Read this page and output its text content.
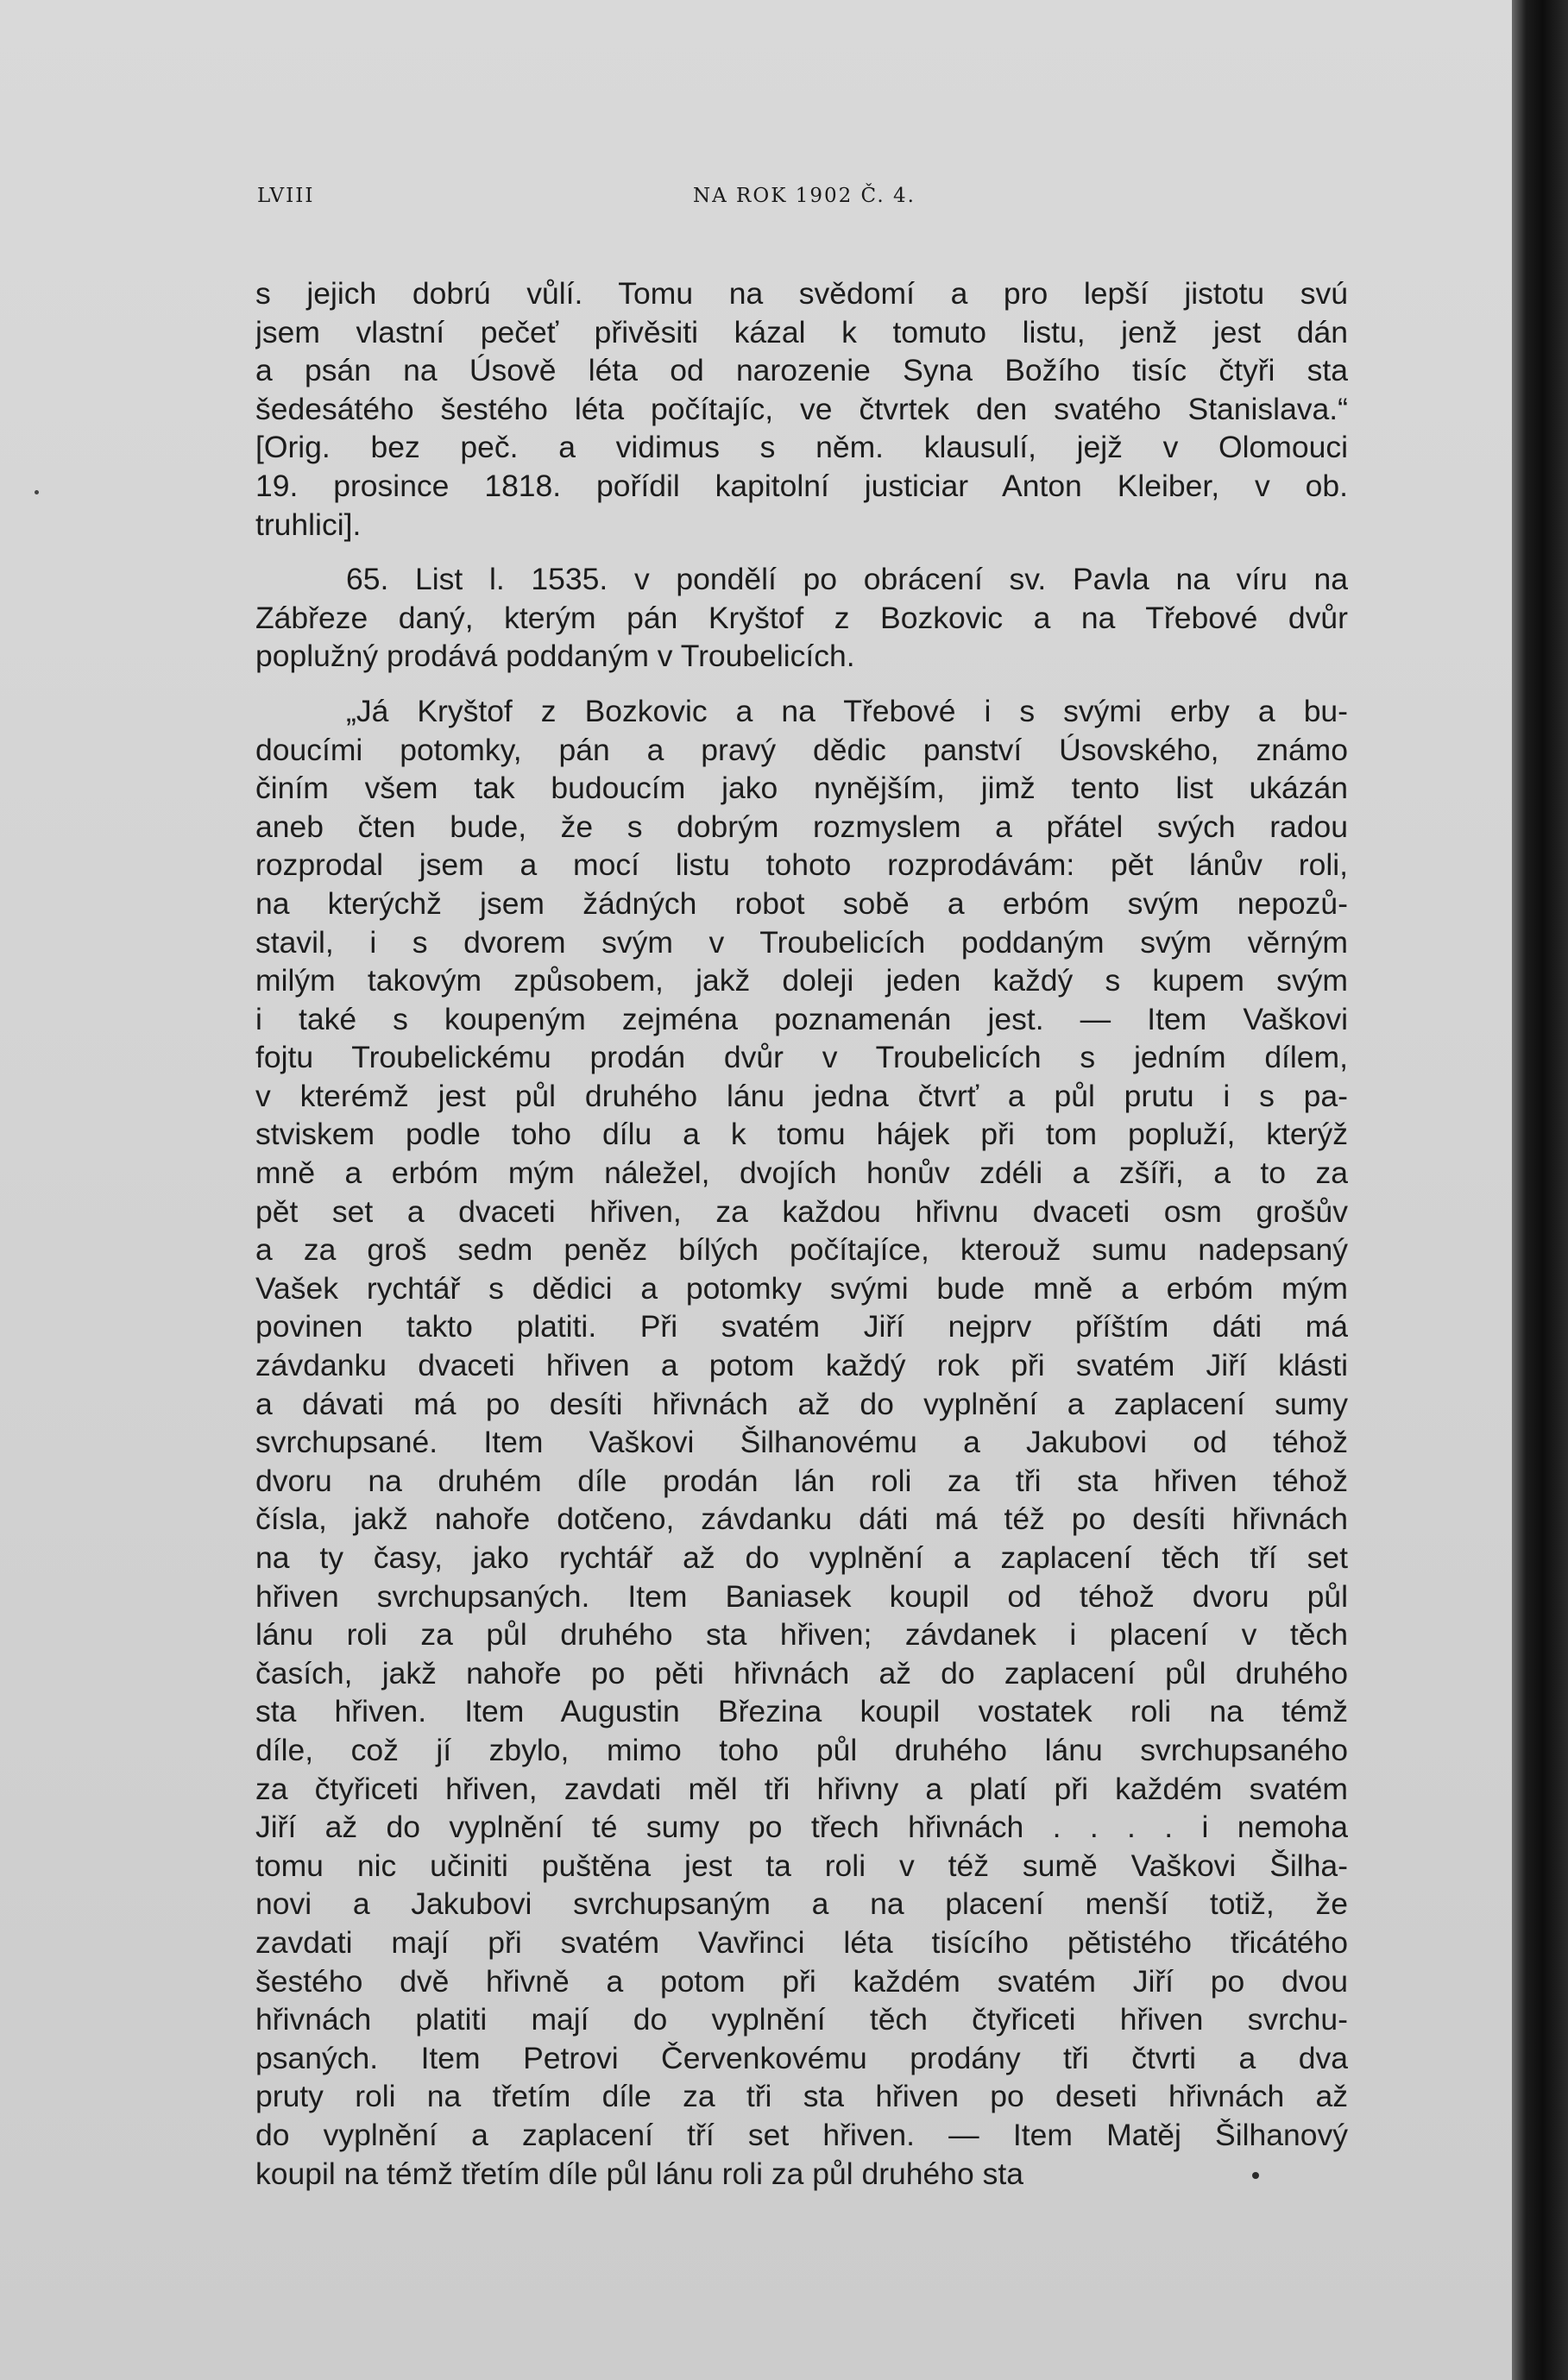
LVIII	NA ROK 1902 Č. 4.
s jejich dobrú vůlí. Tomu na svědomí a pro lepší jistotu svú
jsem vlastní pečeť přivěsiti kázal k tomuto listu, jenž jest dán
a psán na Úsově léta od narozenie Syna Božího tisíc čtyři sta
šedesátého šestého léta počítajíc, ve čtvrtek den svatého Stanislava.“
[Orig. bez peč. a vidimus s něm. klausulí, jejž v Olomouci
19. prosince 1818. pořídil kapitolní justiciar Anton Kleiber, v ob.
truhlici].
65. List l. 1535. v pondělí po obrácení sv. Pavla na víru na
Zábřeze daný, kterým pán Kryštof z Bozkovic a na Třebové dvůr
poplužný prodává poddaným v Troubelicích.
„Já Kryštof z Bozkovic a na Třebové i s svými erby a bu-
doucími potomky, pán a pravý dědic panství Úsovského, známo
činím všem tak budoucím jako nynějším, jimž tento list ukázán
aneb čten bude, že s dobrým rozmyslem a přátel svých radou
rozprodal jsem a mocí listu tohoto rozprodávám: pět lánův roli,
na kterýchž jsem žádných robot sobě a erbóm svým nepozů-
stavil, i s dvorem svým v Troubelicích poddaným svým věrným
milým takovým způsobem, jakž doleji jeden každý s kupem svým
i také s koupeným zejména poznamenán jest. — Item Vaškovi
fojtu Troubelickému prodán dvůr v Troubelicích s jedním dílem,
v kterémž jest půl druhého lánu jedna čtvrť a půl prutu i s pa-
stviskem podle toho dílu a k tomu hájek při tom popluží, kterýž
mně a erbóm mým náležel, dvojích honův zdéli a zšíři, a to za
pět set a dvaceti hřiven, za každou hřivnu dvaceti osm grošův
a za groš sedm peněz bílých počítajíce, kterouž sumu nadepsaný
Vašek rychtář s dědici a potomky svými bude mně a erbóm mým
povinen takto platiti. Při svatém Jiří nejprv příštím dáti má
závdanku dvaceti hřiven a potom každý rok při svatém Jiří klásti
a dávati má po desíti hřivnách až do vyplnění a zaplacení sumy
svrchupsané. Item Vaškovi Šilhanovému a Jakubovi od téhož
dvoru na druhém díle prodán lán roli za tři sta hřiven téhož
čísla, jakž nahoře dotčeno, závdanku dáti má též po desíti hřivnách
na ty časy, jako rychtář až do vyplnění a zaplacení těch tří set
hřiven svrchupsaných. Item Baniasek koupil od téhož dvoru půl
lánu roli za půl druhého sta hřiven; závdanek i placení v těch
časích, jakž nahoře po pěti hřivnách až do zaplacení půl druhého
sta hřiven. Item Augustin Březina koupil vostatek roli na témž
díle, což jí zbylo, mimo toho půl druhého lánu svrchupsaného
za čtyřiceti hřiven, zavdati měl tři hřivny a platí při každém svatém
Jiří až do vyplnění té sumy po třech hřivnách . . . . i nemoha
tomu nic učiniti puštěna jest ta roli v též sumě Vaškovi Šilha-
novi a Jakubovi svrchupsaným a na placení menší totiž, že
zavdati mají při svatém Vavřinci léta tisícího pětistého třicátého
šestého dvě hřivně a potom při každém svatém Jiří po dvou
hřivnách platiti mají do vyplnění těch čtyřiceti hřiven svrchu-
psaných. Item Petrovi Červenkovému prodány tři čtvrti a dva
pruty roli na třetím díle za tři sta hřiven po deseti hřivnách až
do vyplnění a zaplacení tří set hřiven. — Item Matěj Šilhanový
koupil na témž třetím díle půl lánu roli za půl druhého sta
